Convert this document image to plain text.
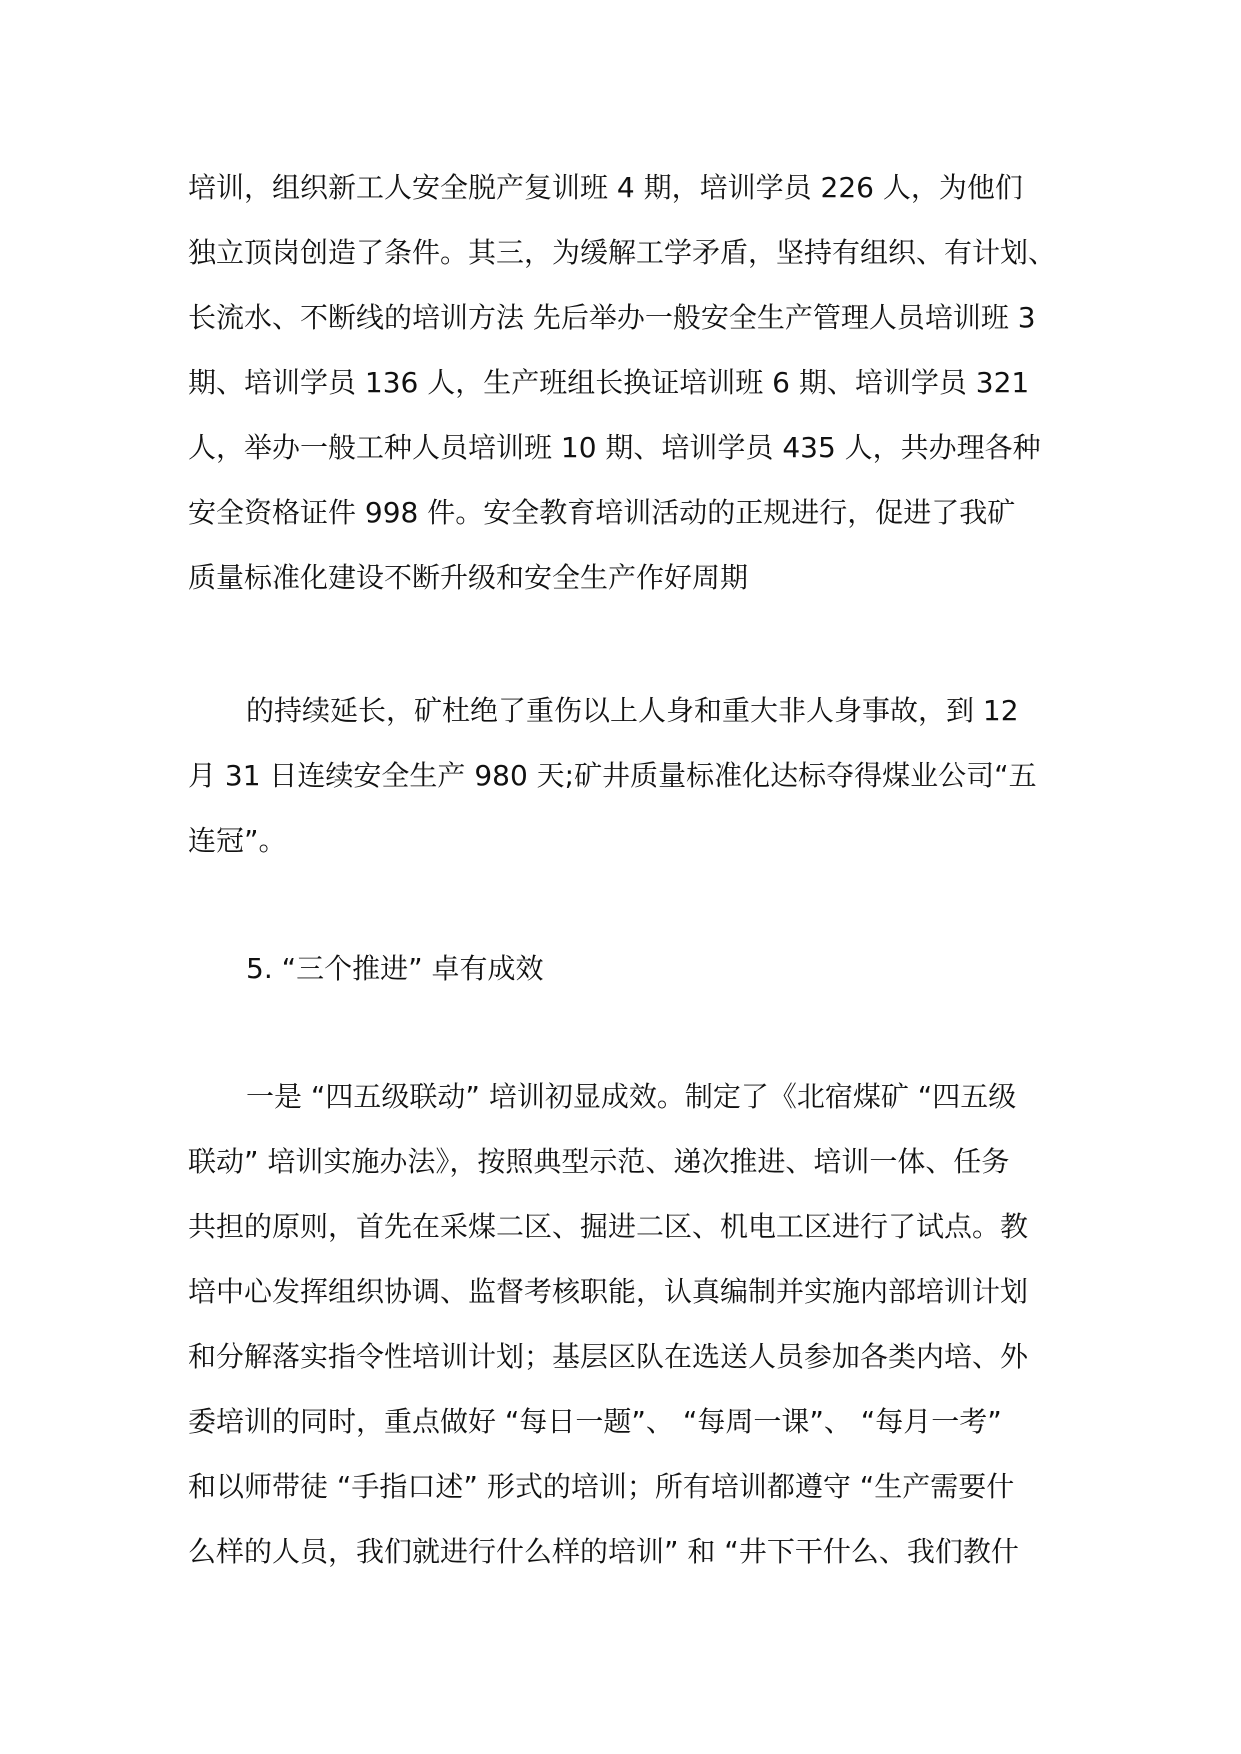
培训，组织新工人安全脱产复训班 4 期，培训学员 226 人，为他们
独立顶岗创造了条件。其三，为缓解工学矛盾，坚持有组织、有计划、
长流水、不断线的培训方法 先后举办一般安全生产管理人员培训班 3
期、培训学员 136 人，生产班组长换证培训班 6 期、培训学员 321
人，举办一般工种人员培训班 10 期、培训学员 435 人，共办理各种
安全资格证件 998 件。安全教育培训活动的正规进行，促进了我矿
质量标准化建设不断升级和安全生产作好周期
的持续延长，矿杜绝了重伤以上人身和重大非人身事故，到 12
月 31 日连续安全生产 980 天;矿井质量标准化达标夺得煤业公司“五
连冠”。
5. “三个推进” 卓有成效
一是 “四五级联动” 培训初显成效。制定了《北宿煤矿 “四五级
联动” 培训实施办法》，按照典型示范、递次推进、培训一体、任务
共担的原则，首先在采煤二区、掘进二区、机电工区进行了试点。教
培中心发挥组织协调、监督考核职能，认真编制并实施内部培训计划
和分解落实指令性培训计划；基层区队在选送人员参加各类内培、外
委培训的同时，重点做好 “每日一题”、 “每周一课”、 “每月一考”
和以师带徒 “手指口述” 形式的培训；所有培训都遵守 “生产需要什
么样的人员，我们就进行什么样的培训” 和 “井下干什么、我们教什
